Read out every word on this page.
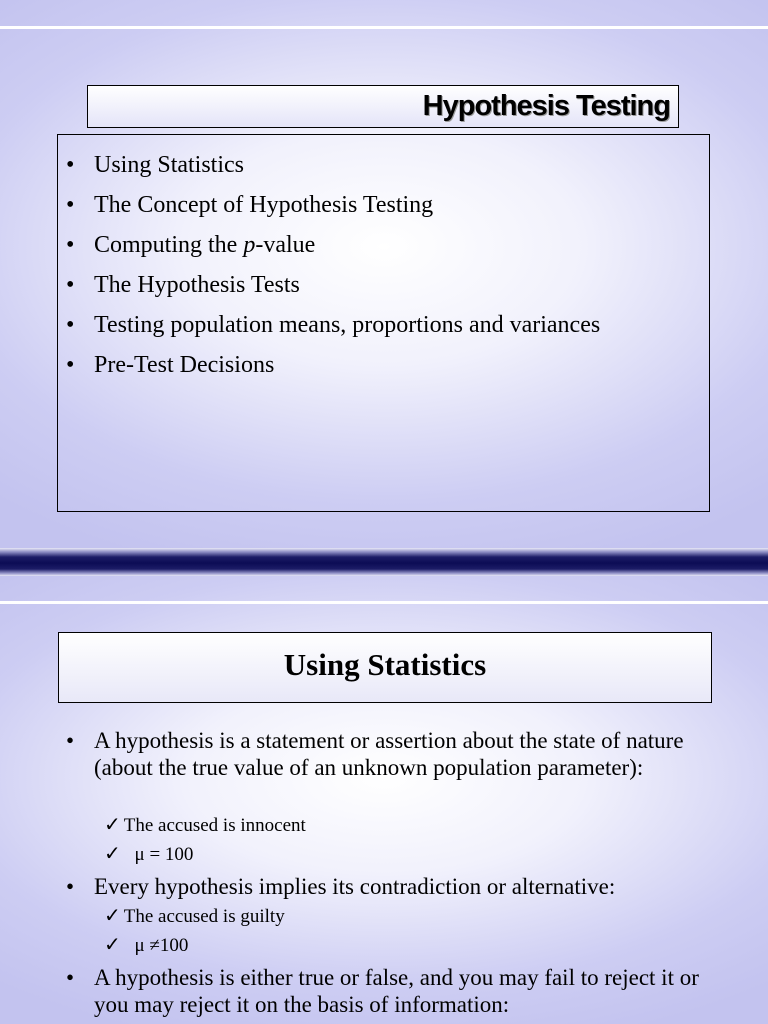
Hypothesis Testing
• Using Statistics
• The Concept of Hypothesis Testing
• Computing the p-value
• The Hypothesis Tests
• Testing population means, proportions and variances
• Pre-Test Decisions
Using Statistics
• A hypothesis is a statement or assertion about the state of nature (about the true value of an unknown population parameter):
✓ The accused is innocent
✓ μ = 100
• Every hypothesis implies its contradiction or alternative:
✓ The accused is guilty
✓ μ ≠100
• A hypothesis is either true or false, and you may fail to reject it or you may reject it on the basis of information:
